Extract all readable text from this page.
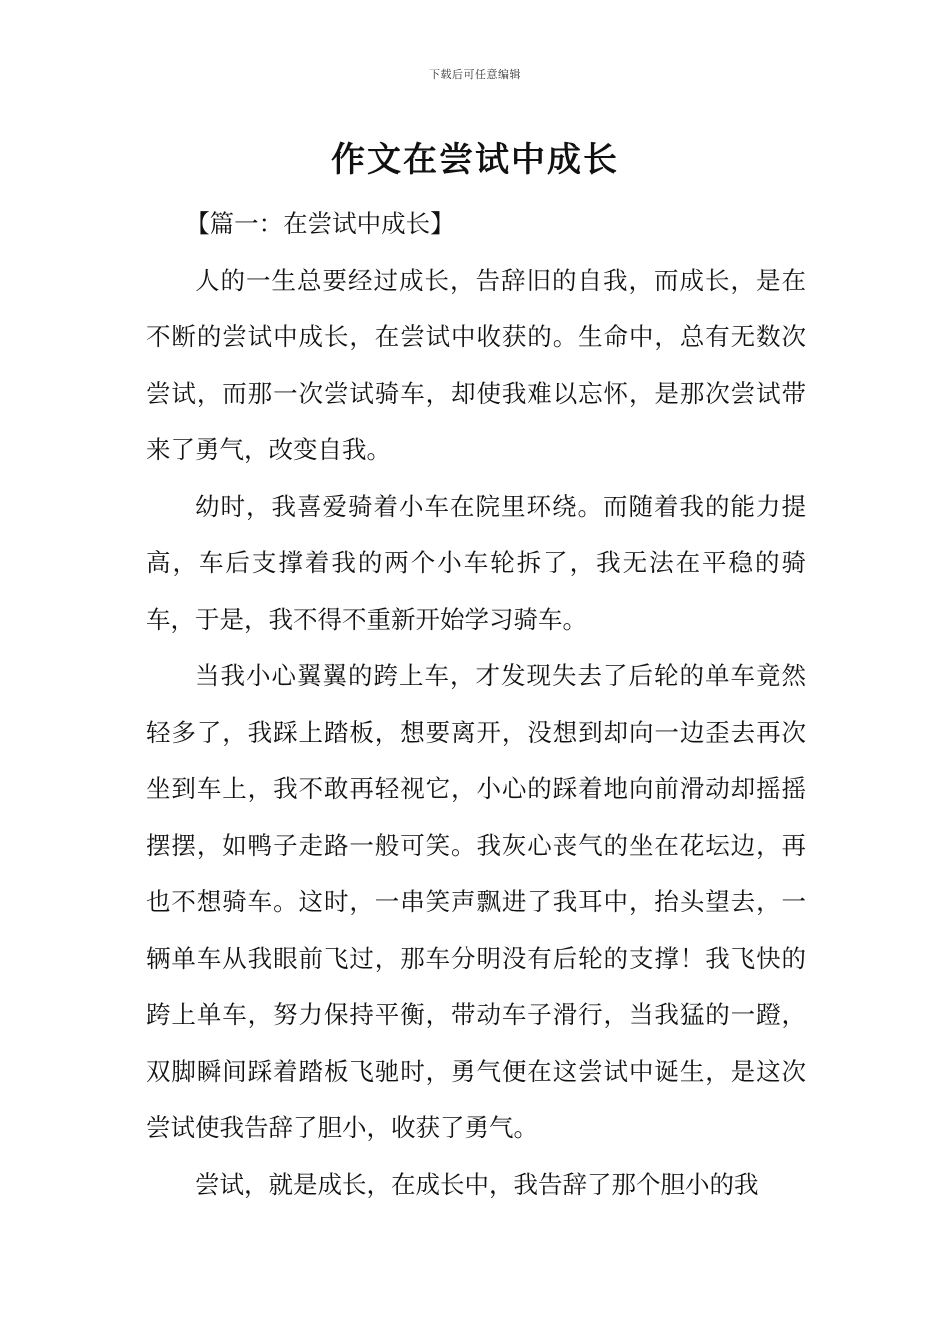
下载后可任意编辑
作文在尝试中成长

【篇一：在尝试中成长】

人的一生总要经过成长，告辞旧的自我，而成长，是在不断的尝试中成长，在尝试中收获的。生命中，总有无数次尝试，而那一次尝试骑车，却使我难以忘怀，是那次尝试带来了勇气，改变自我。

幼时，我喜爱骑着小车在院里环绕。而随着我的能力提高，车后支撑着我的两个小车轮拆了，我无法在平稳的骑车，于是，我不得不重新开始学习骑车。

当我小心翼翼的跨上车，才发现失去了后轮的单车竟然轻多了，我踩上踏板，想要离开，没想到却向一边歪去再次坐到车上，我不敢再轻视它，小心的踩着地向前滑动却摇摇摆摆，如鸭子走路一般可笑。我灰心丧气的坐在花坛边，再也不想骑车。这时，一串笑声飘进了我耳中，抬头望去，一辆单车从我眼前飞过，那车分明没有后轮的支撑！我飞快的跨上单车，努力保持平衡，带动车子滑行，当我猛的一蹬，双脚瞬间踩着踏板飞驰时，勇气便在这尝试中诞生，是这次尝试使我告辞了胆小，收获了勇气。

尝试，就是成长，在成长中，我告辞了那个胆小的我
